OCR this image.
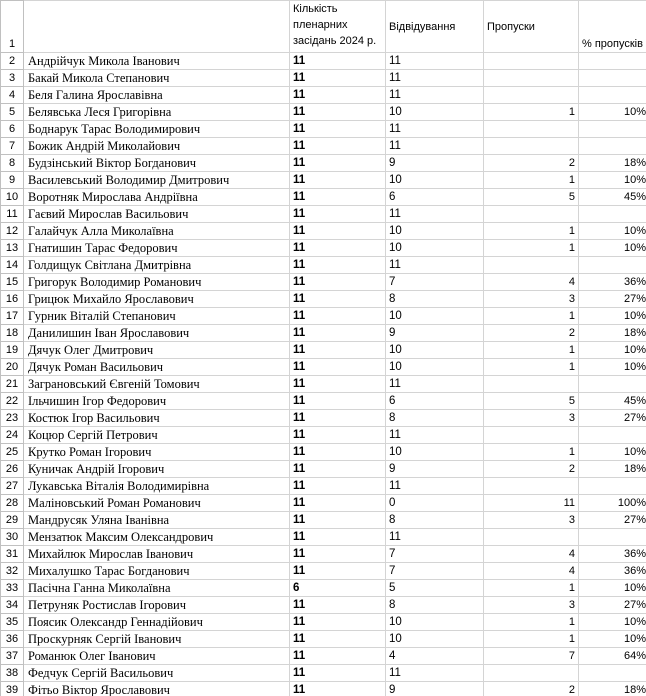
1		Кількість пленарних засідань 2024 р.	Відвідування	Пропуски	% пропусків
2	Андрійчук Микола Іванович	11	11		
3	Бакай Микола Степанович	11	11		
4	Беля Галина Ярославівна	11	11		
5	Белявська Леся Григорівна	11	10	1	10%
6	Боднарук Тарас Володимирович	11	11		
7	Божик Андрій Миколайович	11	11		
8	Будзінський Віктор Богданович	11	9	2	18%
9	Василевський Володимир Дмитрович	11	10	1	10%
10	Воротняк Мирослава Андріївна	11	6	5	45%
11	Гаєвий Мирослав Васильович	11	11		
12	Галайчук Алла Миколаївна	11	10	1	10%
13	Гнатишин Тарас Федорович	11	10	1	10%
14	Голдищук Світлана Дмитрівна	11	11		
15	Григорук Володимир Романович	11	7	4	36%
16	Грицюк Михайло Ярославович	11	8	3	27%
17	Гурник Віталій Степанович	11	10	1	10%
18	Данилишин Іван Ярославович	11	9	2	18%
19	Дячук Олег Дмитрович	11	10	1	10%
20	Дячук Роман Васильович	11	10	1	10%
21	Заграновський Євгеній Томович	11	11		
22	Ільчишин Ігор Федорович	11	6	5	45%
23	Костюк Ігор Васильович	11	8	3	27%
24	Коцюр Сергій Петрович	11	11		
25	Крутко Роман Ігорович	11	10	1	10%
26	Куничак Андрій Ігорович	11	9	2	18%
27	Лукавська Віталія Володимирівна	11	11		
28	Маліновський Роман Романович	11	0	11	100%
29	Мандрусяк Уляна Іванівна	11	8	3	27%
30	Мензатюк Максим Олександрович	11	11		
31	Михайлюк Мирослав Іванович	11	7	4	36%
32	Михалушко Тарас Богданович	11	7	4	36%
33	Пасічна Ганна Миколаївна	6	5	1	10%
34	Петруняк Ростислав Ігорович	11	8	3	27%
35	Поясик Олександр Геннадійович	11	10	1	10%
36	Проскурняк Сергій Іванович	11	10	1	10%
37	Романюк Олег Іванович	11	4	7	64%
38	Федчук Сергій Васильович	11	11		
39	Фітьо Віктор Ярославович	11	9	2	18%
